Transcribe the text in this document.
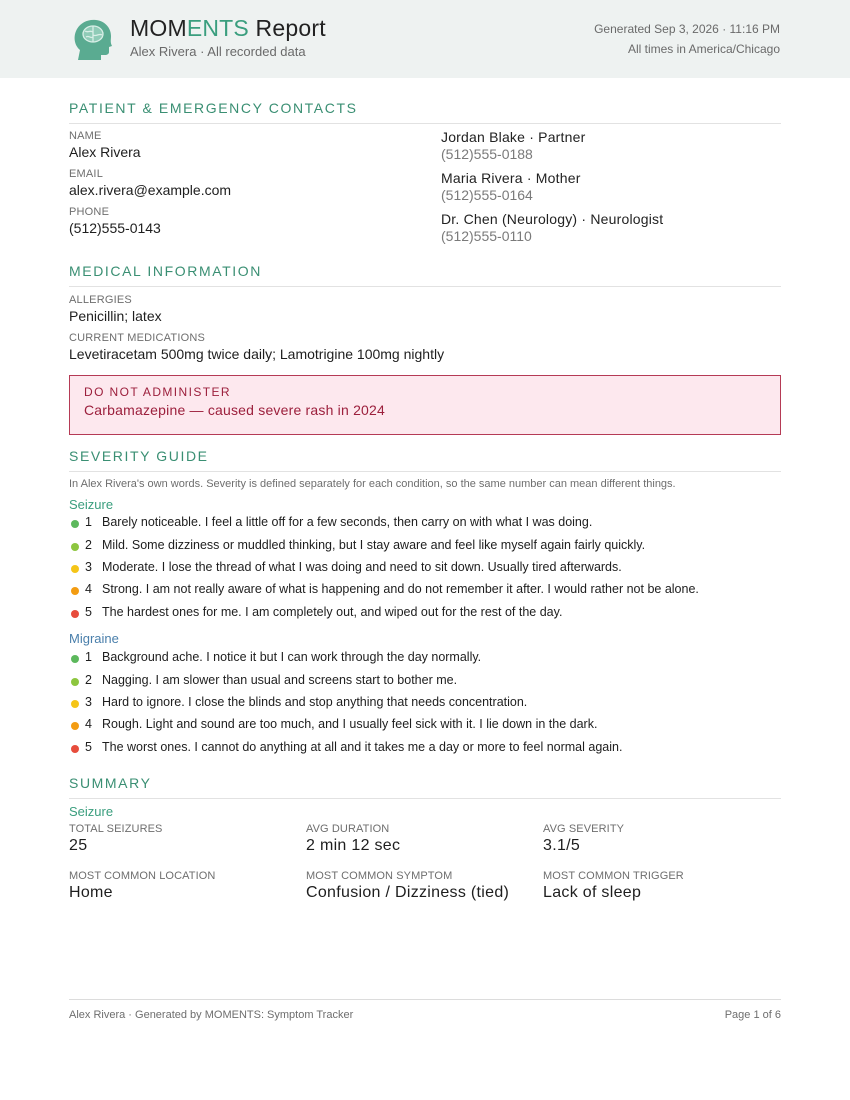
MOMENTS Report
Alex Rivera · All recorded data
Generated Sep 3, 2026 · 11:16 PM
All times in America/Chicago
PATIENT & EMERGENCY CONTACTS
NAME
Alex Rivera
EMAIL
alex.rivera@example.com
PHONE
(512)555-0143
Jordan Blake · Partner
(512)555-0188
Maria Rivera · Mother
(512)555-0164
Dr. Chen (Neurology) · Neurologist
(512)555-0110
MEDICAL INFORMATION
ALLERGIES
Penicillin; latex
CURRENT MEDICATIONS
Levetiracetam 500mg twice daily; Lamotrigine 100mg nightly
DO NOT ADMINISTER
Carbamazepine — caused severe rash in 2024
SEVERITY GUIDE
In Alex Rivera's own words. Severity is defined separately for each condition, so the same number can mean different things.
Seizure
1 Barely noticeable. I feel a little off for a few seconds, then carry on with what I was doing.
2 Mild. Some dizziness or muddled thinking, but I stay aware and feel like myself again fairly quickly.
3 Moderate. I lose the thread of what I was doing and need to sit down. Usually tired afterwards.
4 Strong. I am not really aware of what is happening and do not remember it after. I would rather not be alone.
5 The hardest ones for me. I am completely out, and wiped out for the rest of the day.
Migraine
1 Background ache. I notice it but I can work through the day normally.
2 Nagging. I am slower than usual and screens start to bother me.
3 Hard to ignore. I close the blinds and stop anything that needs concentration.
4 Rough. Light and sound are too much, and I usually feel sick with it. I lie down in the dark.
5 The worst ones. I cannot do anything at all and it takes me a day or more to feel normal again.
SUMMARY
Seizure
TOTAL SEIZURES
25
AVG DURATION
2 min 12 sec
AVG SEVERITY
3.1/5
MOST COMMON LOCATION
Home
MOST COMMON SYMPTOM
Confusion / Dizziness (tied)
MOST COMMON TRIGGER
Lack of sleep
Alex Rivera · Generated by MOMENTS: Symptom Tracker	Page 1 of 6
